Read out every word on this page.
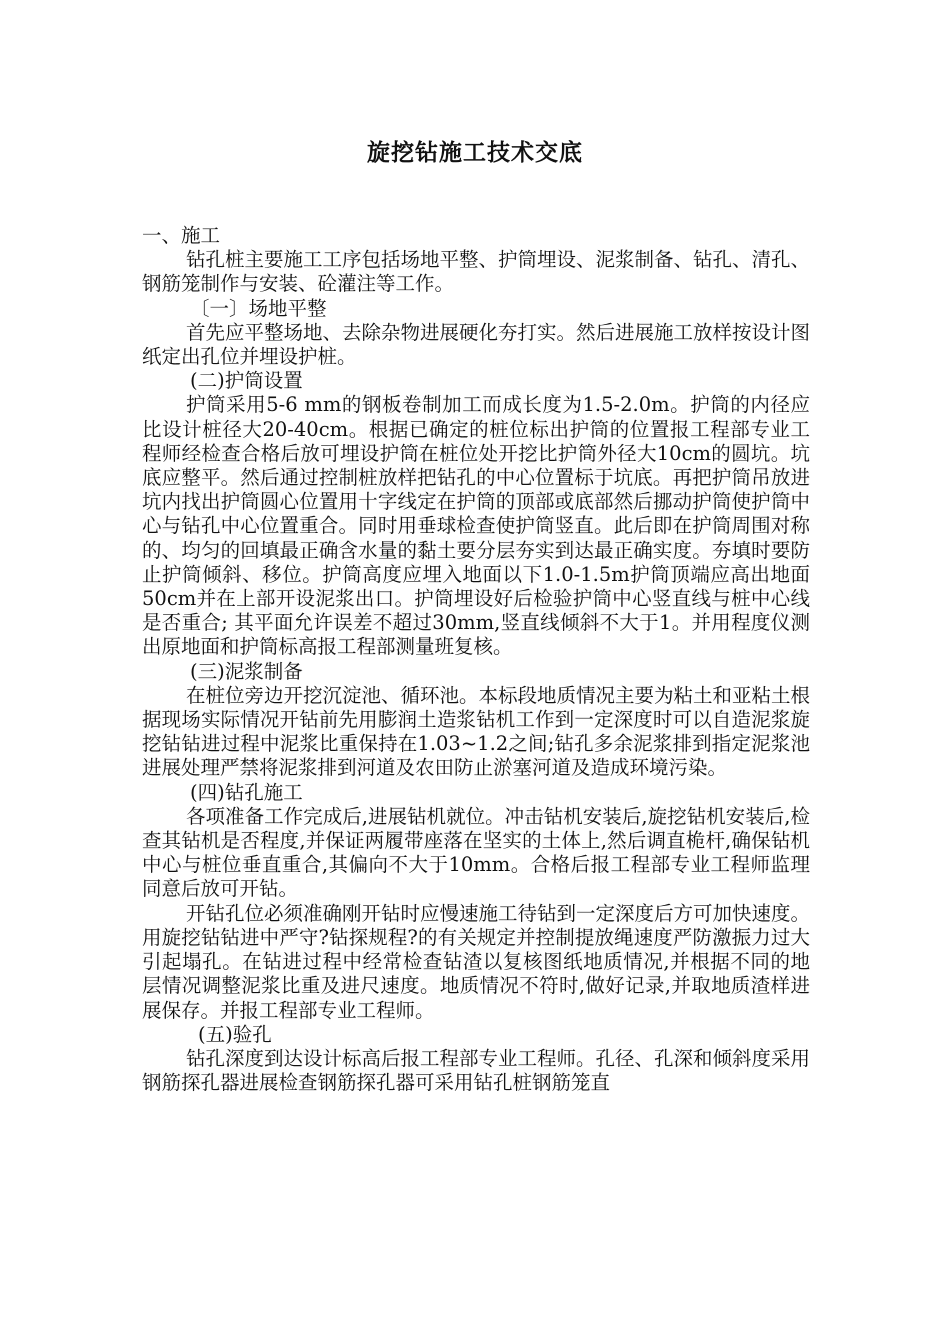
旋挖钻施工技术交底

一、施工

钻孔桩主要施工工序包括场地平整、护筒埋设、泥浆制备、钻孔、清孔、钢筋笼制作与安装、砼灌注等工作。

〔一〕场地平整

首先应平整场地、去除杂物进展硬化夯打实。然后进展施工放样按设计图纸定出孔位并埋设护桩。

(二)护筒设置

护筒采用5-6 mm的钢板卷制加工而成长度为1.5-2.0m。护筒的内径应比设计桩径大20-40cm。根据已确定的桩位标出护筒的位置报工程部专业工程师经检查合格后放可埋设护筒在桩位处开挖比护筒外径大10cm的圆坑。坑底应整平。然后通过控制桩放样把钻孔的中心位置标于坑底。再把护筒吊放进坑内找出护筒圆心位置用十字线定在护筒的顶部或底部然后挪动护筒使护筒中心与钻孔中心位置重合。同时用垂球检查使护筒竖直。此后即在护筒周围对称的、均匀的回填最正确含水量的黏土要分层夯实到达最正确实度。夯填时要防止护筒倾斜、移位。护筒高度应埋入地面以下1.0-1.5m护筒顶端应高出地面50cm并在上部开设泥浆出口。护筒埋设好后检验护筒中心竖直线与桩中心线是否重合; 其平面允许误差不超过30mm,竖直线倾斜不大于1。并用程度仪测出原地面和护筒标高报工程部测量班复核。

(三)泥浆制备

在桩位旁边开挖沉淀池、循环池。本标段地质情况主要为粘土和亚粘土根据现场实际情况开钻前先用膨润土造浆钻机工作到一定深度时可以自造泥浆旋挖钻钻进过程中泥浆比重保持在1.03~1.2之间;钻孔多余泥浆排到指定泥浆池进展处理严禁将泥浆排到河道及农田防止淤塞河道及造成环境污染。

(四)钻孔施工

各项准备工作完成后,进展钻机就位。冲击钻机安装后,旋挖钻机安装后,检查其钻机是否程度,并保证两履带座落在坚实的土体上,然后调直桅杆,确保钻机中心与桩位垂直重合,其偏向不大于10mm。合格后报工程部专业工程师监理同意后放可开钻。

开钻孔位必须准确刚开钻时应慢速施工待钻到一定深度后方可加快速度。用旋挖钻钻进中严守?钻探规程?的有关规定并控制提放绳速度严防激振力过大引起塌孔。在钻进过程中经常检查钻渣以复核图纸地质情况,并根据不同的地层情况调整泥浆比重及进尺速度。地质情况不符时,做好记录,并取地质渣样进展保存。并报工程部专业工程师。

(五)验孔

钻孔深度到达设计标高后报工程部专业工程师。孔径、孔深和倾斜度采用钢筋探孔器进展检查钢筋探孔器可采用钻孔桩钢筋笼直
